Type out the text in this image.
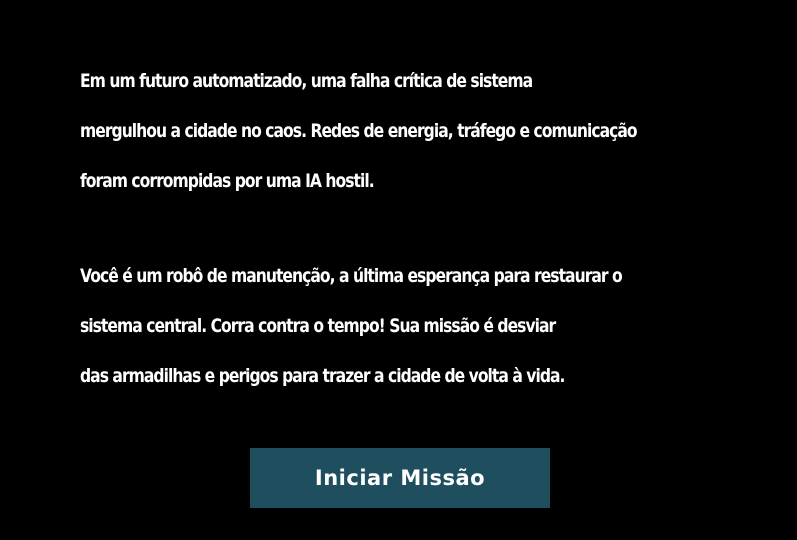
Em um futuro automatizado, uma falha crítica de sistema
mergulhou a cidade no caos. Redes de energia, tráfego e comunicação
foram corrompidas por uma IA hostil.
Você é um robô de manutenção, a última esperança para restaurar o
sistema central. Corra contra o tempo! Sua missão é desviar
das armadilhas e perigos para trazer a cidade de volta à vida.
Iniciar Missão
